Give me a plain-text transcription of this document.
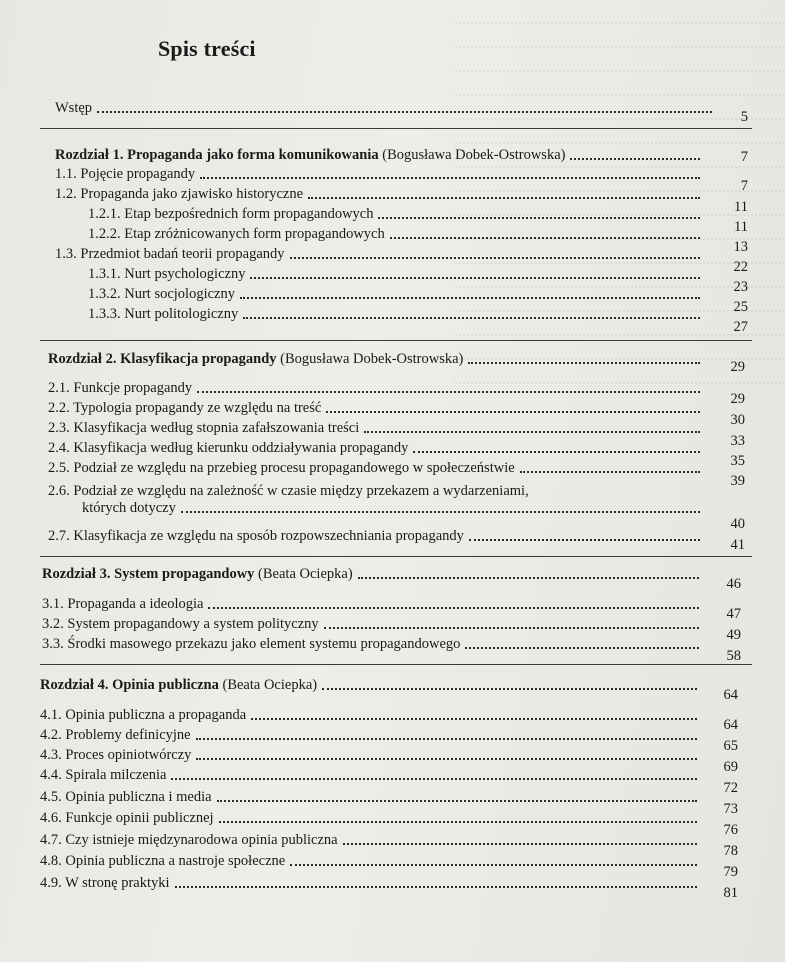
Spis treści
Wstęp
5
Rozdział 1. Propaganda jako forma komunikowania (Bogusława Dobek-Ostrowska)	7
1.1. Pojęcie propagandy
7
1.2. Propaganda jako zjawisko historyczne
11
1.2.1. Etap bezpośrednich form propagandowych
11
1.2.2. Etap zróżnicowanych form propagandowych
13
1.3. Przedmiot badań teorii propagandy
22
1.3.1. Nurt psychologiczny
23
1.3.2. Nurt socjologiczny
25
1.3.3. Nurt politologiczny
27
Rozdział 2. Klasyfikacja propagandy (Bogusława Dobek-Ostrowska)	29
2.1. Funkcje propagandy
29
2.2. Typologia propagandy ze względu na treść
30
2.3. Klasyfikacja według stopnia zafałszowania treści
33
2.4. Klasyfikacja według kierunku oddziaływania propagandy
35
2.5. Podział ze względu na przebieg procesu propagandowego w społeczeństwie
39
2.6. Podział ze względu na zależność w czasie między przekazem a wydarzeniami,
których dotyczy
40
2.7. Klasyfikacja ze względu na sposób rozpowszechniania propagandy
41
Rozdział 3. System propagandowy (Beata Ociepka)
46
3.1. Propaganda a ideologia
47
3.2. System propagandowy a system polityczny
49
3.3. Środki masowego przekazu jako element systemu propagandowego
58
Rozdział 4. Opinia publiczna (Beata Ociepka)
64
4.1. Opinia publiczna a propaganda
64
4.2. Problemy definicyjne
65
4.3. Proces opiniotwórczy
69
4.4. Spirala milczenia
72
4.5. Opinia publiczna i media
73
4.6. Funkcje opinii publicznej
76
4.7. Czy istnieje międzynarodowa opinia publiczna
78
4.8. Opinia publiczna a nastroje społeczne
79
4.9. W stronę praktyki
81
